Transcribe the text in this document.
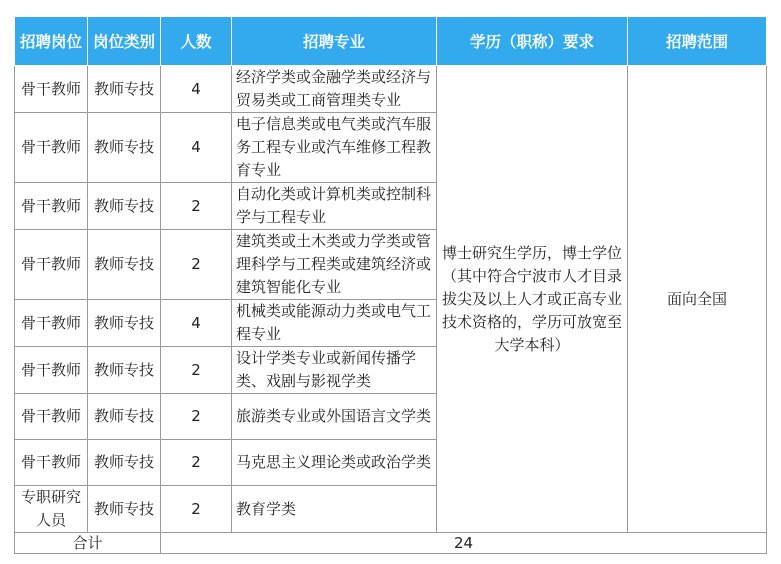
招聘岗位	岗位类别	人数	招聘专业	学历（职称）要求	招聘范围
骨干教师	教师专技	4	经济学类或金融学类或经济与贸易类或工商管理类专业	博士研究生学历，博士学位（其中符合宁波市人才目录拔尖及以上人才或正高专业技术资格的，学历可放宽至大学本科）	面向全国
骨干教师	教师专技	4	电子信息类或电气类或汽车服务工程专业或汽车维修工程教育专业		
骨干教师	教师专技	2	自动化类或计算机类或控制科学与工程专业		
骨干教师	教师专技	2	建筑类或土木类或力学类或管理科学与工程类或建筑经济或建筑智能化专业		
骨干教师	教师专技	4	机械类或能源动力类或电气工程专业		
骨干教师	教师专技	2	设计学类专业或新闻传播学类、戏剧与影视学类		
骨干教师	教师专技	2	旅游类专业或外国语言文学类		
骨干教师	教师专技	2	马克思主义理论类或政治学类		
专职研究人员	教师专技	2	教育学类		
合计		24			
